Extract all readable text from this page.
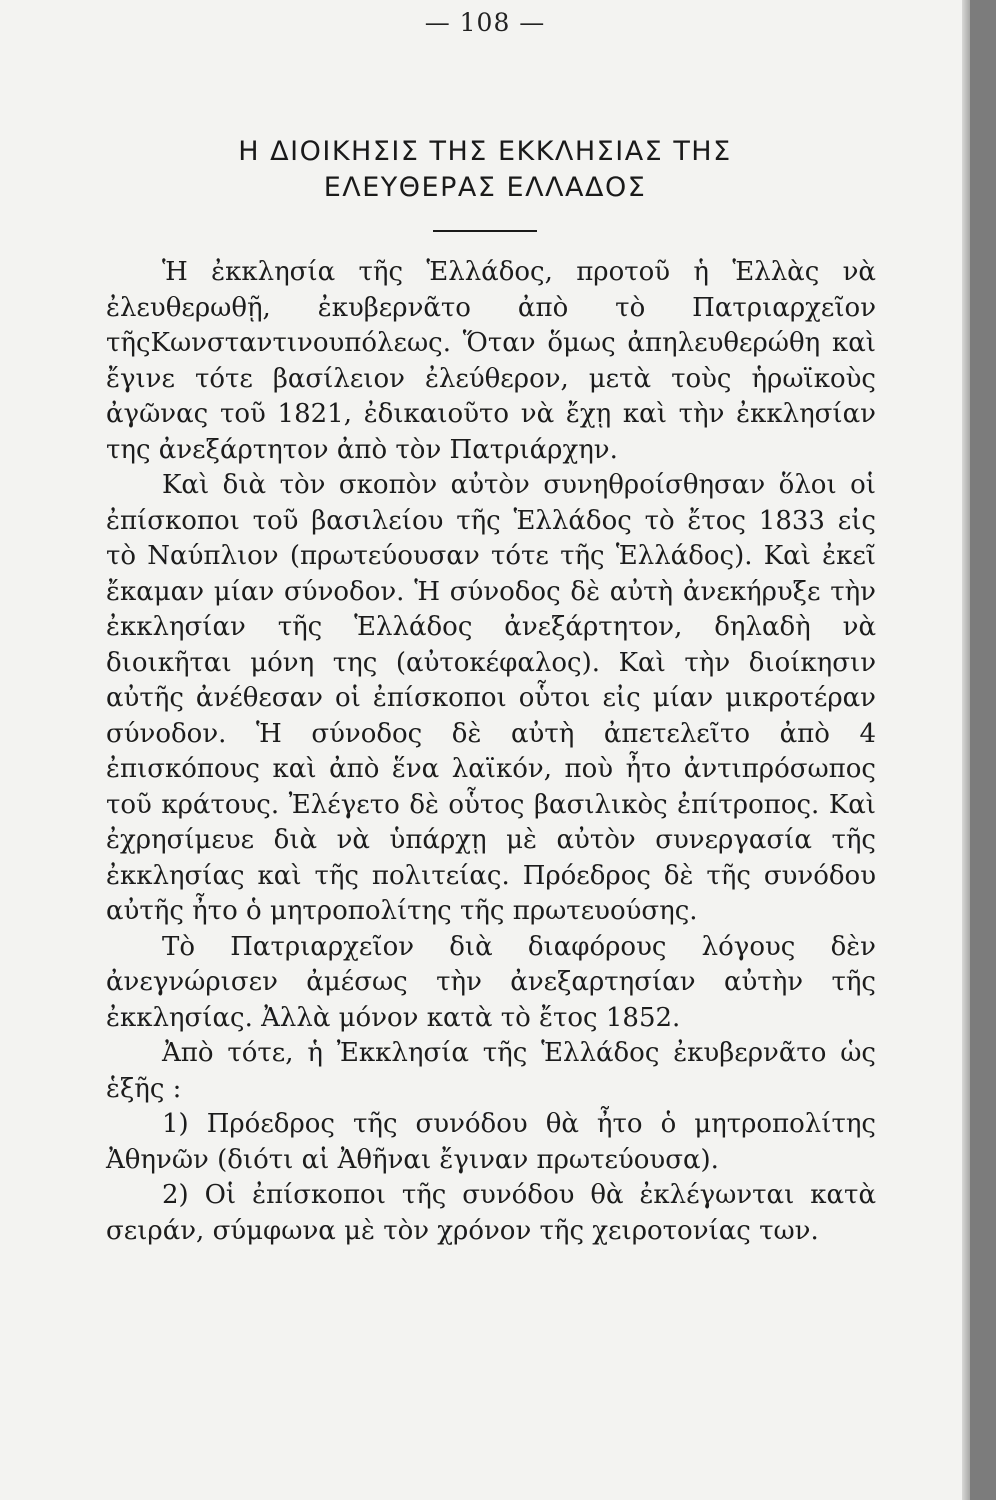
— 108 —
Η ΔΙΟΙΚΗΣΙΣ ΤΗΣ ΕΚΚΛΗΣΙΑΣ ΤΗΣ
ΕΛΕΥΘΕΡΑΣ ΕΛΛΑΔΟΣ

Ἡ ἐκκλησία τῆς Ἑλλάδος, προτοῦ ἡ Ἑλλὰς νὰ ἐλευθερωθῇ, ἐκυβερνᾶτο ἀπὸ τὸ Πατριαρχεῖον τῆςΚωνσταντινουπόλεως. Ὅταν ὅμως ἀπηλευθερώθη καὶ ἔγινε τότε βασίλειον ἐλεύθερον, μετὰ τοὺς ἡρωϊκοὺς ἀγῶνας τοῦ 1821, ἐδικαιοῦτο νὰ ἔχῃ καὶ τὴν ἐκκλησίαν της ἀνεξάρτητον ἀπὸ τὸν Πατριάρχην.

Καὶ διὰ τὸν σκοπὸν αὐτὸν συνηθροίσθησαν ὅλοι οἱ ἐπίσκοποι τοῦ βασιλείου τῆς Ἑλλάδος τὸ ἔτος 1833 εἰς τὸ Ναύπλιον (πρωτεύουσαν τότε τῆς Ἑλλάδος). Καὶ ἐκεῖ ἔκαμαν μίαν σύνοδον. Ἡ σύνοδος δὲ αὐτὴ ἀνεκήρυξε τὴν ἐκκλησίαν τῆς Ἑλλάδος ἀνεξάρτητον, δηλαδὴ νὰ διοικῆται μόνη της (αὐτοκέφαλος). Καὶ τὴν διοίκησιν αὐτῆς ἀνέθεσαν οἱ ἐπίσκοποι οὗτοι εἰς μίαν μικροτέραν σύνοδον. Ἡ σύνοδος δὲ αὐτὴ ἀπετελεῖτο ἀπὸ 4 ἐπισκόπους καὶ ἀπὸ ἕνα λαϊκόν, ποὺ ἦτο ἀντιπρόσωπος τοῦ κράτους. Ἐλέγετο δὲ οὗτος βασιλικὸς ἐπίτροπος. Καὶ ἐχρησίμευε διὰ νὰ ὑπάρχῃ μὲ αὐτὸν συνεργασία τῆς ἐκκλησίας καὶ τῆς πολιτείας. Πρόεδρος δὲ τῆς συνόδου αὐτῆς ἦτο ὁ μητροπολίτης τῆς πρωτευούσης.

Τὸ Πατριαρχεῖον διὰ διαφόρους λόγους δὲν ἀνεγνώρισεν ἀμέσως τὴν ἀνεξαρτησίαν αὐτὴν τῆς ἐκκλησίας. Ἀλλὰ μόνον κατὰ τὸ ἔτος 1852.

Ἀπὸ τότε, ἡ Ἐκκλησία τῆς Ἑλλάδος ἐκυβερνᾶτο ὡς ἑξῆς :

1) Πρόεδρος τῆς συνόδου θὰ ἦτο ὁ μητροπολίτης Ἀθηνῶν (διότι αἱ Ἀθῆναι ἔγιναν πρωτεύουσα).

2) Οἱ ἐπίσκοποι τῆς συνόδου θὰ ἐκλέγωνται κατὰ σειράν, σύμφωνα μὲ τὸν χρόνον τῆς χειροτονίας των.
